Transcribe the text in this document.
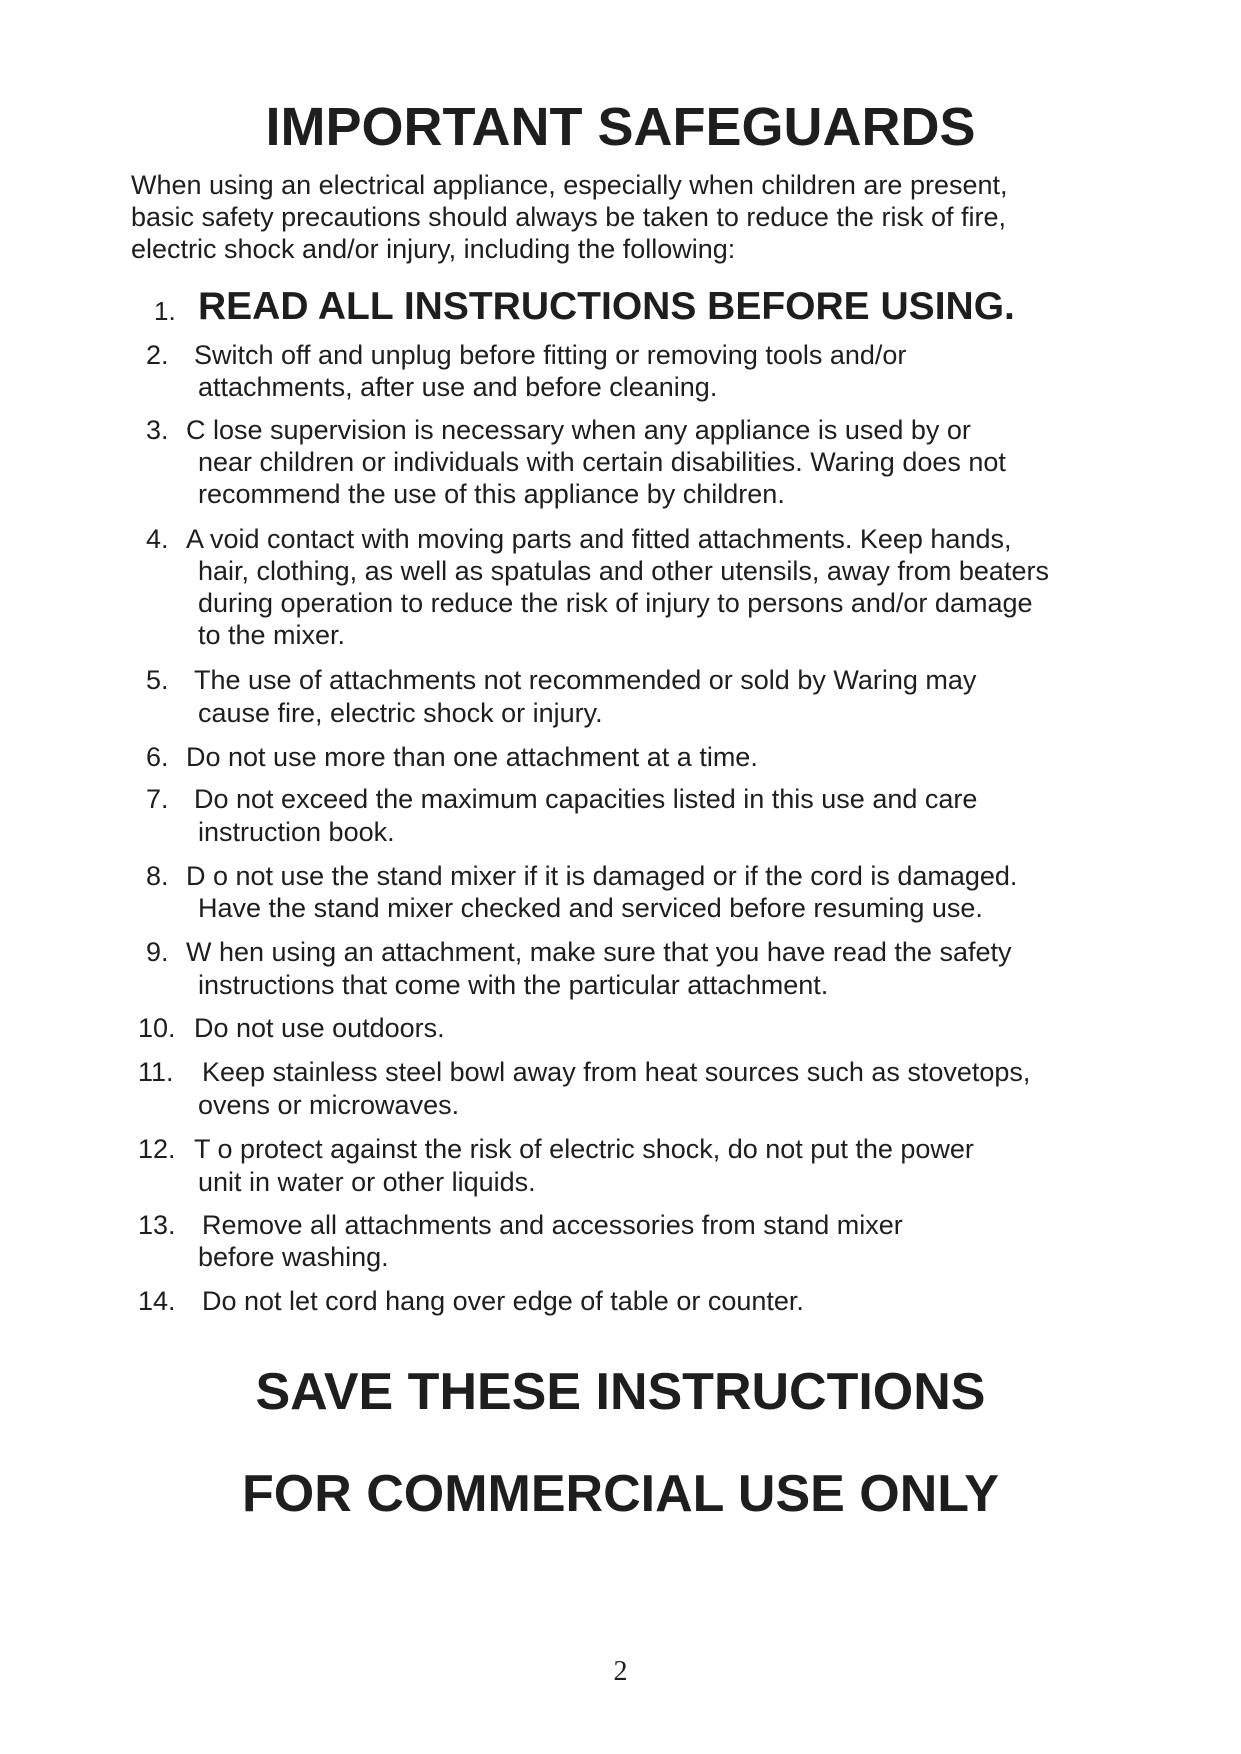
IMPORTANT SAFEGUARDS

When using an electrical appliance, especially when children are present,
basic safety precautions should always be taken to reduce the risk of fire,
electric shock and/or injury, including the following:

1. READ ALL INSTRUCTIONS BEFORE USING.
2. Switch off and unplug before fitting or removing tools and/or
attachments, after use and before cleaning.
3. C lose supervision is necessary when any appliance is used by or
near children or individuals with certain disabilities. Waring does not
recommend the use of this appliance by children.
4. A void contact with moving parts and fitted attachments. Keep hands,
hair, clothing, as well as spatulas and other utensils, away from beaters
during operation to reduce the risk of injury to persons and/or damage
to the mixer.
5. The use of attachments not recommended or sold by Waring may
cause fire, electric shock or injury.
6. Do not use more than one attachment at a time.
7. Do not exceed the maximum capacities listed in this use and care
instruction book.
8. D o not use the stand mixer if it is damaged or if the cord is damaged.
Have the stand mixer checked and serviced before resuming use.
9. W hen using an attachment, make sure that you have read the safety
instructions that come with the particular attachment.
10. Do not use outdoors.
11. Keep stainless steel bowl away from heat sources such as stovetops,
ovens or microwaves.
12. T o protect against the risk of electric shock, do not put the power
unit in water or other liquids.
13. Remove all attachments and accessories from stand mixer
before washing.
14. Do not let cord hang over edge of table or counter.
SAVE THESE INSTRUCTIONS
FOR COMMERCIAL USE ONLY
2
